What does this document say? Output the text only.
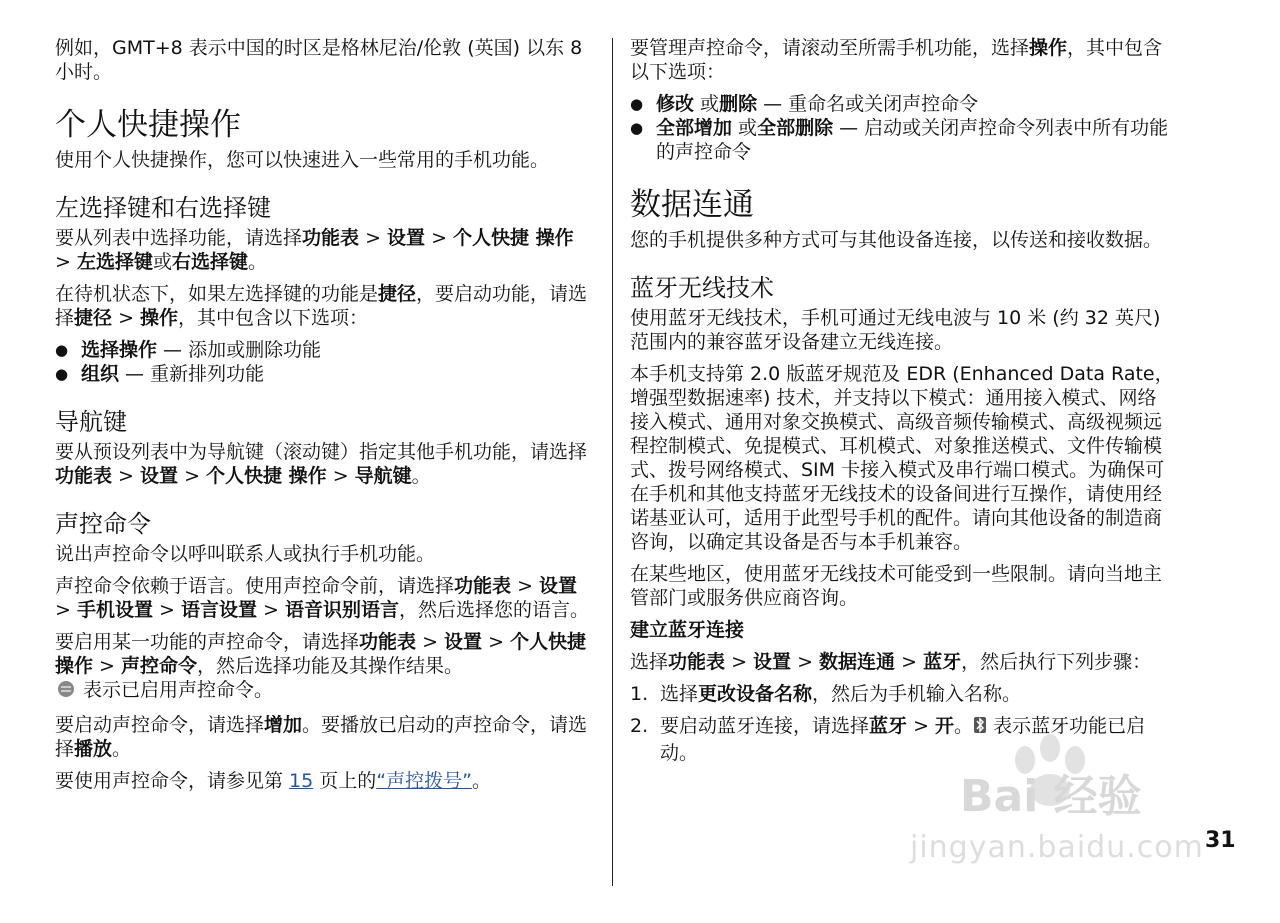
例如，GMT+8 表示中国的时区是格林尼治/伦敦 (英国) 以东 8 小时。

个人快捷操作

使用个人快捷操作，您可以快速进入一些常用的手机功能。

左选择键和右选择键

要从列表中选择功能，请选择功能表 > 设置 > 个人快捷 操作 > 左选择键或右选择键。

在待机状态下，如果左选择键的功能是捷径，要启动功能，请选择捷径 > 操作，其中包含以下选项：

● 选择操作 — 添加或删除功能
● 组织 — 重新排列功能
导航键

要从预设列表中为导航键（滚动键）指定其他手机功能，请选择功能表 > 设置 > 个人快捷 操作 > 导航键。

声控命令

说出声控命令以呼叫联系人或执行手机功能。

声控命令依赖于语言。使用声控命令前，请选择功能表 > 设置 > 手机设置 > 语言设置 > 语音识别语言，然后选择您的语言。

要启用某一功能的声控命令，请选择功能表 > 设置 > 个人快捷 操作 > 声控命令，然后选择功能及其操作结果。
表示已启用声控命令。

要启动声控命令，请选择增加。要播放已启动的声控命令，请选择播放。

要使用声控命令，请参见第 15 页上的“声控拨号”。

要管理声控命令，请滚动至所需手机功能，选择操作，其中包含以下选项：

● 修改 或删除 — 重命名或关闭声控命令
● 全部增加 或全部删除 — 启动或关闭声控命令列表中所有功能的声控命令
数据连通

您的手机提供多种方式可与其他设备连接，以传送和接收数据。

蓝牙无线技术

使用蓝牙无线技术，手机可通过无线电波与 10 米 (约 32 英尺) 范围内的兼容蓝牙设备建立无线连接。

本手机支持第 2.0 版蓝牙规范及 EDR (Enhanced Data Rate，增强型数据速率) 技术，并支持以下模式：通用接入模式、网络接入模式、通用对象交换模式、高级音频传输模式、高级视频远程控制模式、免提模式、耳机模式、对象推送模式、文件传输模式、拨号网络模式、SIM 卡接入模式及串行端口模式。为确保可在手机和其他支持蓝牙无线技术的设备间进行互操作，请使用经诺基亚认可，适用于此型号手机的配件。请向其他设备的制造商咨询，以确定其设备是否与本手机兼容。

在某些地区，使用蓝牙无线技术可能受到一些限制。请向当地主管部门或服务供应商咨询。

建立蓝牙连接

选择功能表 > 设置 > 数据连通 > 蓝牙，然后执行下列步骤：

1. 选择更改设备名称，然后为手机输入名称。
2. 要启动蓝牙连接，请选择蓝牙 > 开。 表示蓝牙功能已启动。
31
Bai 经验
jingyan.baidu.com
